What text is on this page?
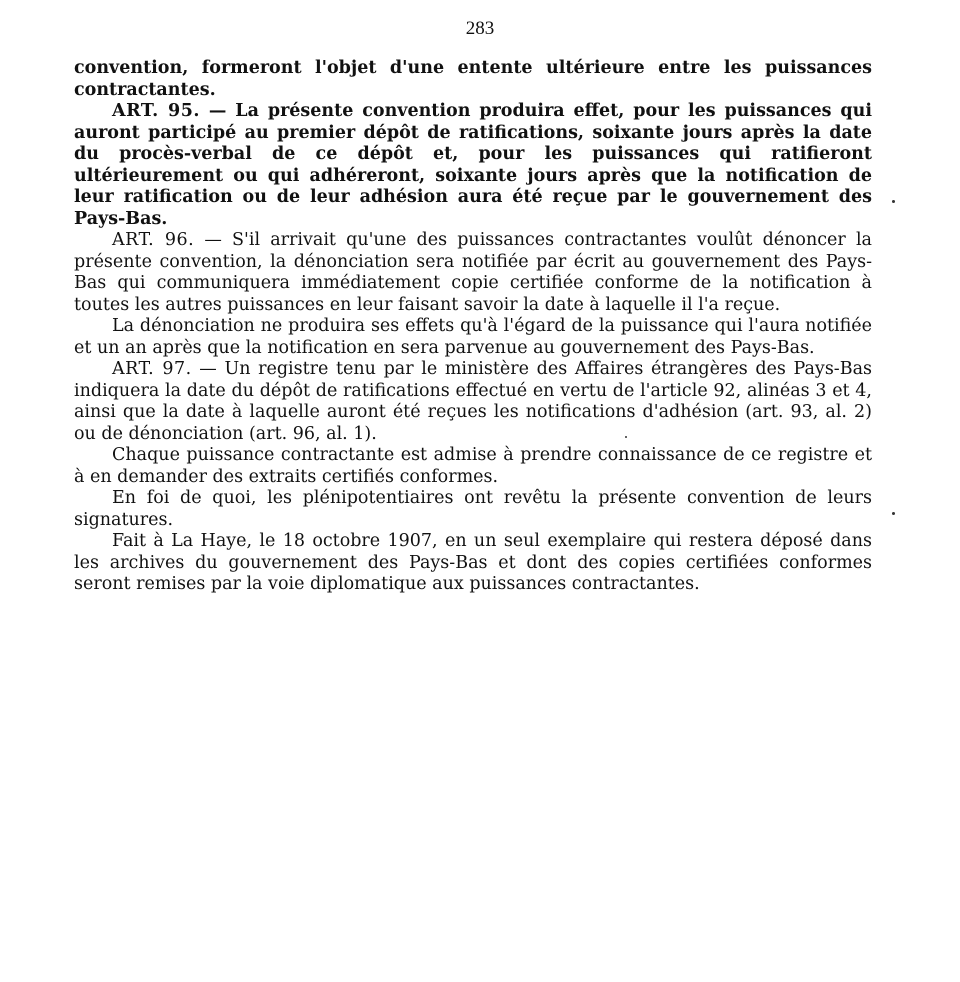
283

convention, formeront l'objet d'une entente ultérieure entre les puissances contractantes.

ART. 95. — La présente convention produira effet, pour les puissances qui auront participé au premier dépôt de ratifications, soixante jours après la date du procès-verbal de ce dépôt et, pour les puissances qui ratifieront ultérieurement ou qui adhéreront, soixante jours après que la notification de leur ratification ou de leur adhésion aura été reçue par le gouvernement des Pays-Bas.

ART. 96. — S'il arrivait qu'une des puissances contractantes voulût dénoncer la présente convention, la dénonciation sera notifiée par écrit au gouvernement des Pays-Bas qui communiquera immédiatement copie certifiée conforme de la notification à toutes les autres puissances en leur faisant savoir la date à laquelle il l'a reçue.

La dénonciation ne produira ses effets qu'à l'égard de la puissance qui l'aura notifiée et un an après que la notification en sera parvenue au gouvernement des Pays-Bas.

ART. 97. — Un registre tenu par le ministère des Affaires étrangères des Pays-Bas indiquera la date du dépôt de ratifications effectué en vertu de l'article 92, alinéas 3 et 4, ainsi que la date à laquelle auront été reçues les notifications d'adhésion (art. 93, al. 2) ou de dénonciation (art. 96, al. 1).

Chaque puissance contractante est admise à prendre connaissance de ce registre et à en demander des extraits certifiés conformes.

En foi de quoi, les plénipotentiaires ont revêtu la présente convention de leurs signatures.

Fait à La Haye, le 18 octobre 1907, en un seul exemplaire qui restera déposé dans les archives du gouvernement des Pays-Bas et dont des copies certifiées conformes seront remises par la voie diplomatique aux puissances contractantes.
